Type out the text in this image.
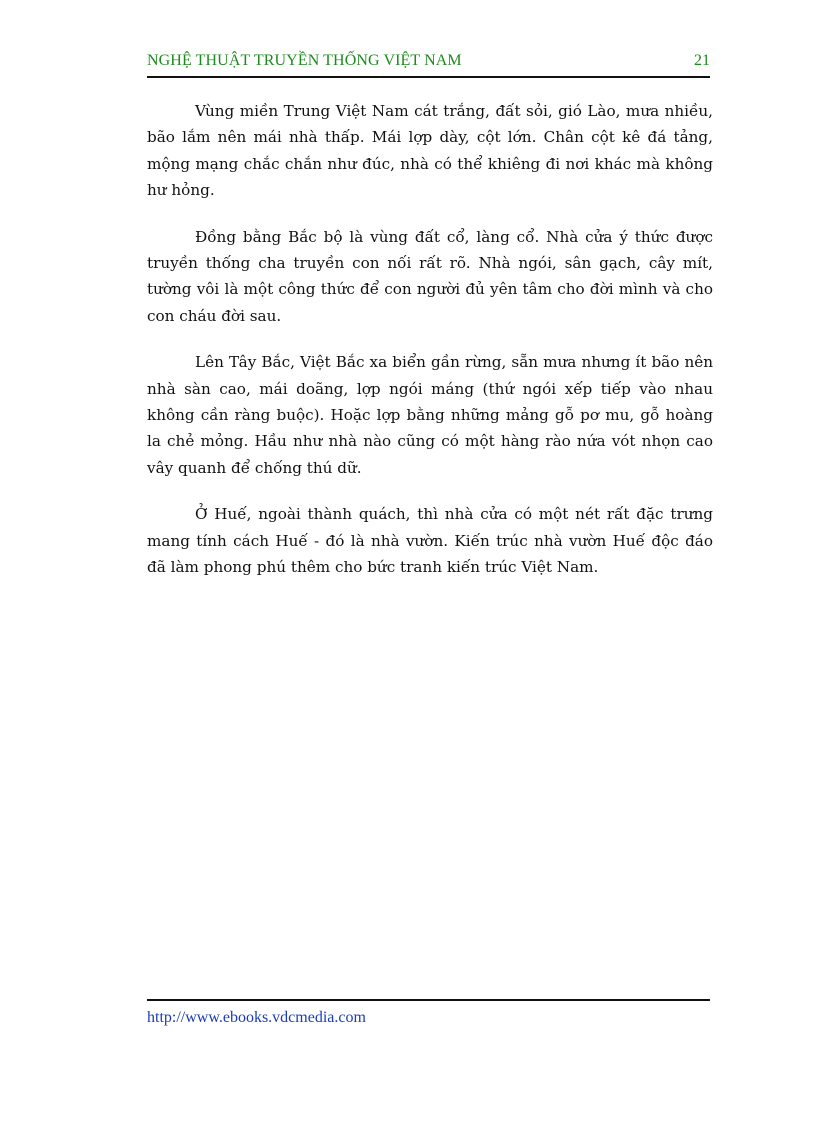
NGHỆ THUẬT TRUYỀN THỐNG VIỆT NAM	21

Vùng miền Trung Việt Nam cát trắng, đất sỏi, gió Lào, mưa nhiều, bão lắm nên mái nhà thấp. Mái lợp dày, cột lớn. Chân cột kê đá tảng, mộng mạng chắc chắn như đúc, nhà có thể khiêng đi nơi khác mà không hư hỏng.

Đồng bằng Bắc bộ là vùng đất cổ, làng cổ. Nhà cửa ý thức được truyền thống cha truyền con nối rất rõ. Nhà ngói, sân gạch, cây mít, tường vôi là một công thức để con người đủ yên tâm cho đời mình và cho con cháu đời sau.

Lên Tây Bắc, Việt Bắc xa biển gần rừng, sẵn mưa nhưng ít bão nên nhà sàn cao, mái doãng, lợp ngói máng (thứ ngói xếp tiếp vào nhau không cần ràng buộc). Hoặc lợp bằng những mảng gỗ pơ mu, gỗ hoàng la chẻ mỏng. Hầu như nhà nào cũng có một hàng rào nứa vót nhọn cao vây quanh để chống thú dữ.

Ở Huế, ngoài thành quách, thì nhà cửa có một nét rất đặc trưng mang tính cách Huế - đó là nhà vườn. Kiến trúc nhà vườn Huế độc đáo đã làm phong phú thêm cho bức tranh kiến trúc Việt Nam.

http://www.ebooks.vdcmedia.com
